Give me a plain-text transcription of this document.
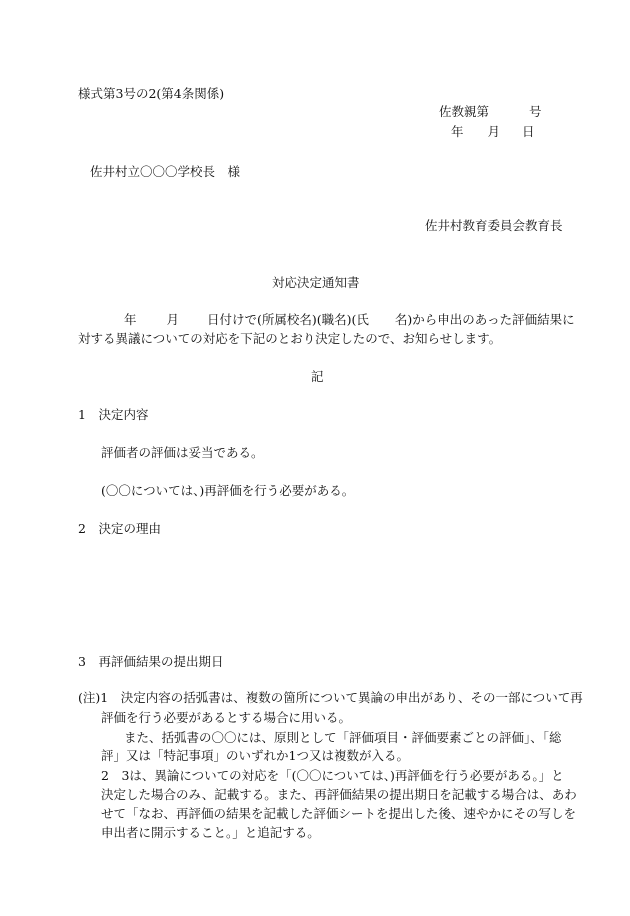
様式第3号の2(第4条関係)
佐教親第	号
年 月 日
佐井村立〇〇〇学校長　様
佐井村教育委員会教育長
対応決定通知書
年 月 日付けで(所属校名)(職名)(氏 名)から申出のあった評価結果に
対する異議についての対応を下記のとおり決定したので、お知らせします。
記
1　決定内容
評価者の評価は妥当である。
(〇〇については、)再評価を行う必要がある。
2　決定の理由
3　再評価結果の提出期日
(注)1　決定内容の括弧書は、複数の箇所について異論の申出があり、その一部について再
評価を行う必要があるとする場合に用いる。
また、括弧書の〇〇には、原則として「評価項目・評価要素ごとの評価」、「総
評」又は「特記事項」のいずれか1つ又は複数が入る。
2　3は、異論についての対応を「(〇〇については、)再評価を行う必要がある。」と
決定した場合のみ、記載する。また、再評価結果の提出期日を記載する場合は、あわ
せて「なお、再評価の結果を記載した評価シートを提出した後、速やかにその写しを
申出者に開示すること。」と追記する。
